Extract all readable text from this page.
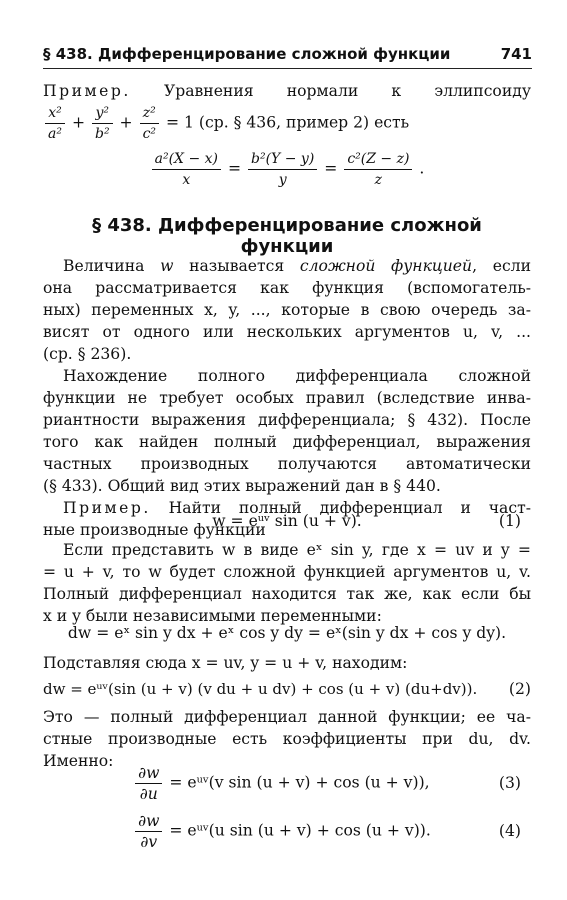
§ 438. Дифференцирование сложной функции	741
Пример. Уравнения нормали к эллипсоиду
$\frac{\text{x²}}{\text{a²}} + \frac{\text{y²}}{\text{b²}} + \frac{\text{z²}}{\text{c²}} = 1$ (ср. § 436, пример 2) есть
$\frac{\text{a²(X − x)}}{x} = \frac{\text{b²(Y − y)}}{y} = \frac{\text{c²(Z − z)}}{z}$ .
§ 438. Дифференцирование сложной функции
Величина w называется сложной функцией, если
она рассматривается как функция (вспомогатель-
ных) переменных x, y, ..., которые в свою очередь за-
висят от одного или нескольких аргументов u, v, ...
(ср. § 236).
Нахождение полного дифференциала сложной
функции не требует особых правил (вследствие инва-
риантности выражения дифференциала; § 432). После
того как найден полный дифференциал, выражения
частных производных получаются автоматически
(§ 433). Общий вид этих выражений дан в § 440.
Пример. Найти полный дифференциал и част-
ные производные функции
w = eᵘᵛ sin (u + v).	(1)
Если представить w в виде eˣ sin y, где x = uv и y =
= u + v, то w будет сложной функцией аргументов u, v.
Полный дифференциал находится так же, как если бы
x и y были независимыми переменными:
dw = eˣ sin y dx + eˣ cos y dy = eˣ(sin y dx + cos y dy).
Подставляя сюда x = uv, y = u + v, находим:
dw = eᵘᵛ(sin (u + v) (v du + u dv) + cos (u + v) (du+dv)). (2)
Это — полный дифференциал данной функции; ее ча-
стные производные есть коэффициенты при du, dv.
Именно:
$\frac{\partial w}{\partial u}$ = eᵘᵛ(v sin (u + v) + cos (u + v)),	(3)
$\frac{\partial w}{\partial v}$ = eᵘᵛ(u sin (u + v) + cos (u + v)).	(4)
